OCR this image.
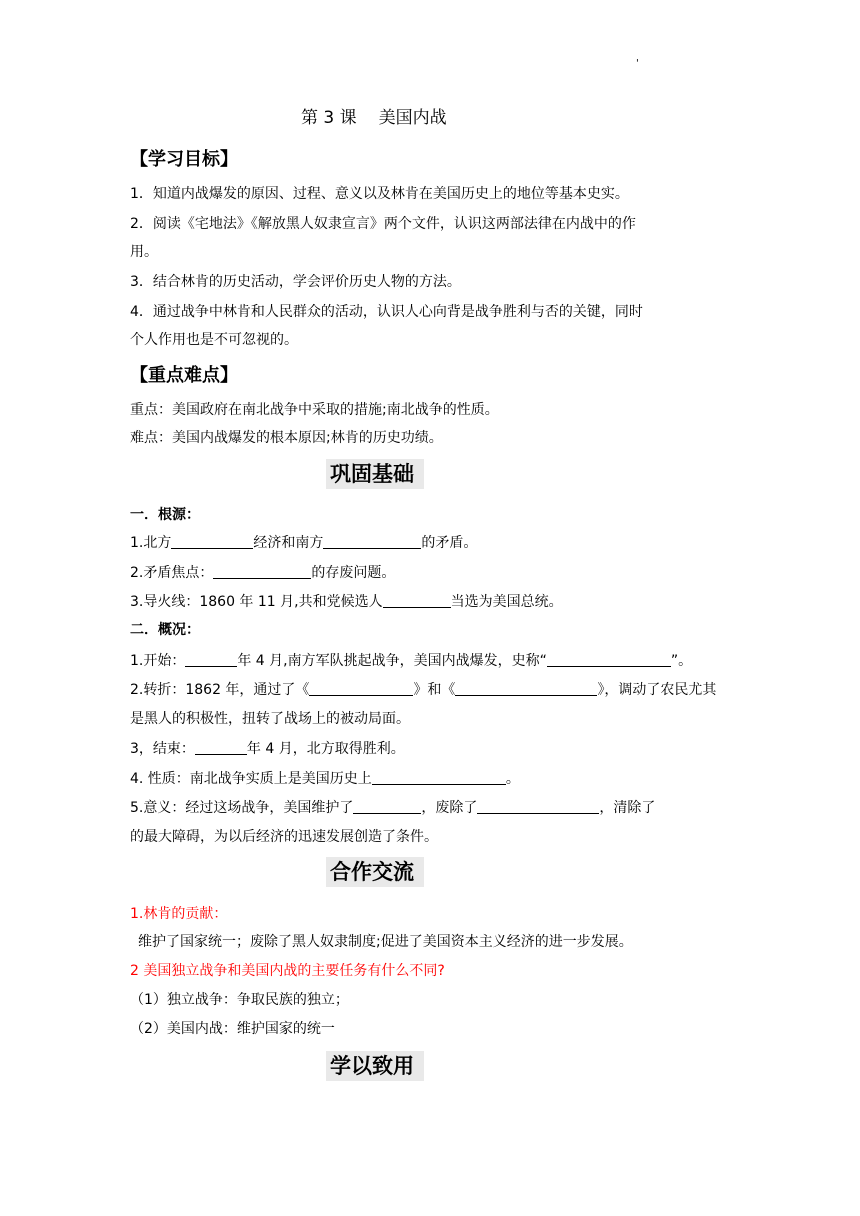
'
第 3 课 美国内战
【学习目标】
1．知道内战爆发的原因、过程、意义以及林肯在美国历史上的地位等基本史实。
2．阅读《宅地法》《解放黑人奴隶宣言》两个文件，认识这两部法律在内战中的作
用。
3．结合林肯的历史活动，学会评价历史人物的方法。
4．通过战争中林肯和人民群众的活动，认识人心向背是战争胜利与否的关键，同时
个人作用也是不可忽视的。
【重点难点】
重点：美国政府在南北战争中采取的措施;南北战争的性质。
难点：美国内战爆发的根本原因;林肯的历史功绩。
巩固基础
一．根源：
1.北方	经济和南方	的矛盾。
2.矛盾焦点：	的存废问题。
3.导火线：1860 年 11 月,共和党候选人	当选为美国总统。
二．概况：
1.开始：	年 4 月,南方军队挑起战争，美国内战爆发，史称“	”。
2.转折：1862 年，通过了《	》和《	》，调动了农民尤其
是黑人的积极性，扭转了战场上的被动局面。
3，结束：	年 4 月，北方取得胜利。
4. 性质：南北战争实质上是美国历史上	。
5.意义：经过这场战争，美国维护了	，废除了	，清除了
的最大障碍，为以后经济的迅速发展创造了条件。
合作交流
1.林肯的贡献：
维护了国家统一；废除了黑人奴隶制度;促进了美国资本主义经济的进一步发展。
2 美国独立战争和美国内战的主要任务有什么不同?
（1）独立战争：争取民族的独立；
（2）美国内战：维护国家的统一
学以致用
